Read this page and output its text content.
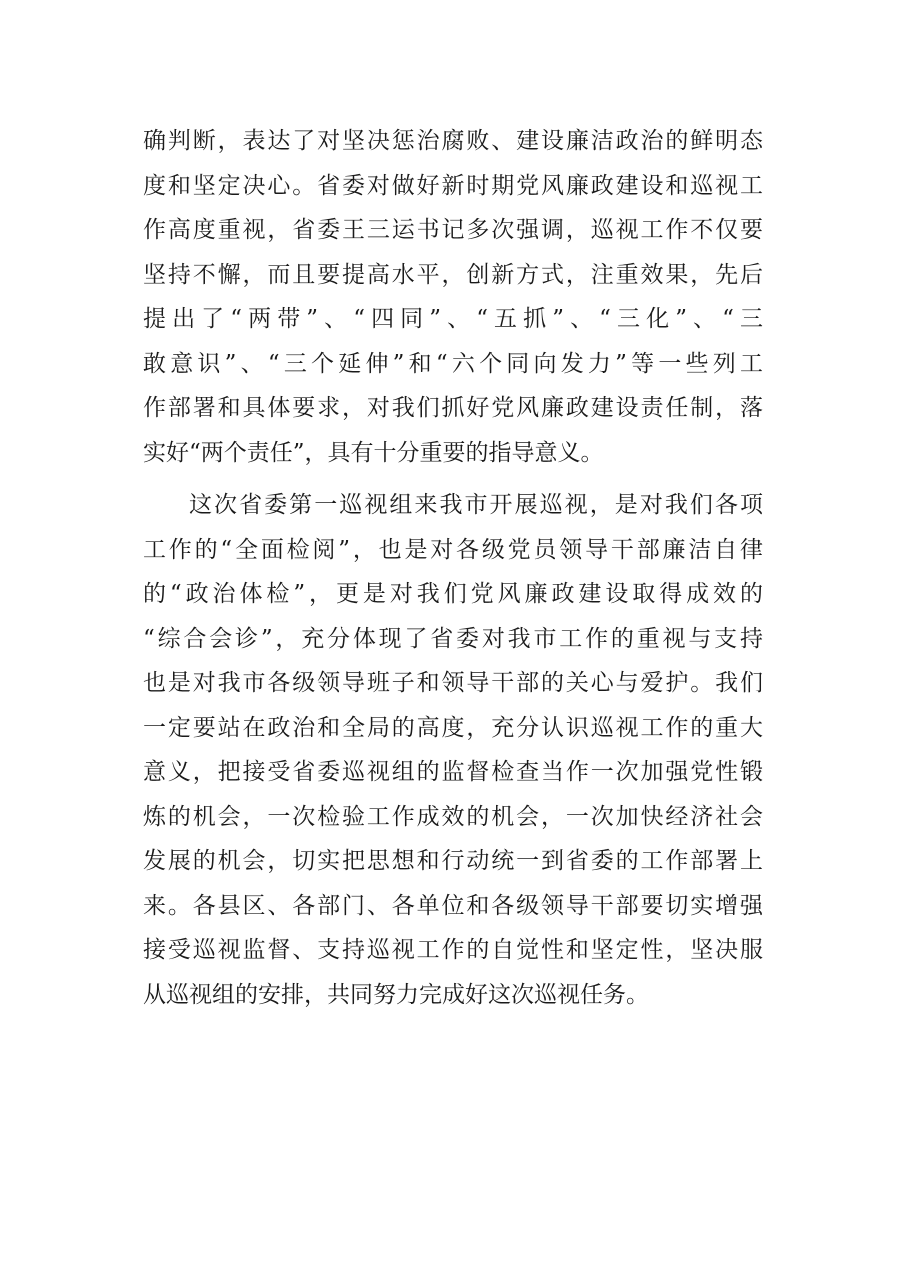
确判断，表达了对坚决惩治腐败、建设廉洁政治的鲜明态
度和坚定决心。省委对做好新时期党风廉政建设和巡视工
作高度重视，省委王三运书记多次强调，巡视工作不仅要
坚持不懈，而且要提高水平，创新方式，注重效果，先后
提出了“两带”、“四同”、“五抓”、“三化”、“三
敢意识”、“三个延伸”和“六个同向发力”等一些列工
作部署和具体要求，对我们抓好党风廉政建设责任制，落
实好“两个责任”，具有十分重要的指导意义。
这次省委第一巡视组来我市开展巡视，是对我们各项
工作的“全面检阅”，也是对各级党员领导干部廉洁自律
的“政治体检”，更是对我们党风廉政建设取得成效的
“综合会诊”，充分体现了省委对我市工作的重视与支持
也是对我市各级领导班子和领导干部的关心与爱护。我们
一定要站在政治和全局的高度，充分认识巡视工作的重大
意义，把接受省委巡视组的监督检查当作一次加强党性锻
炼的机会，一次检验工作成效的机会，一次加快经济社会
发展的机会，切实把思想和行动统一到省委的工作部署上
来。各县区、各部门、各单位和各级领导干部要切实增强
接受巡视监督、支持巡视工作的自觉性和坚定性，坚决服
从巡视组的安排，共同努力完成好这次巡视任务。
